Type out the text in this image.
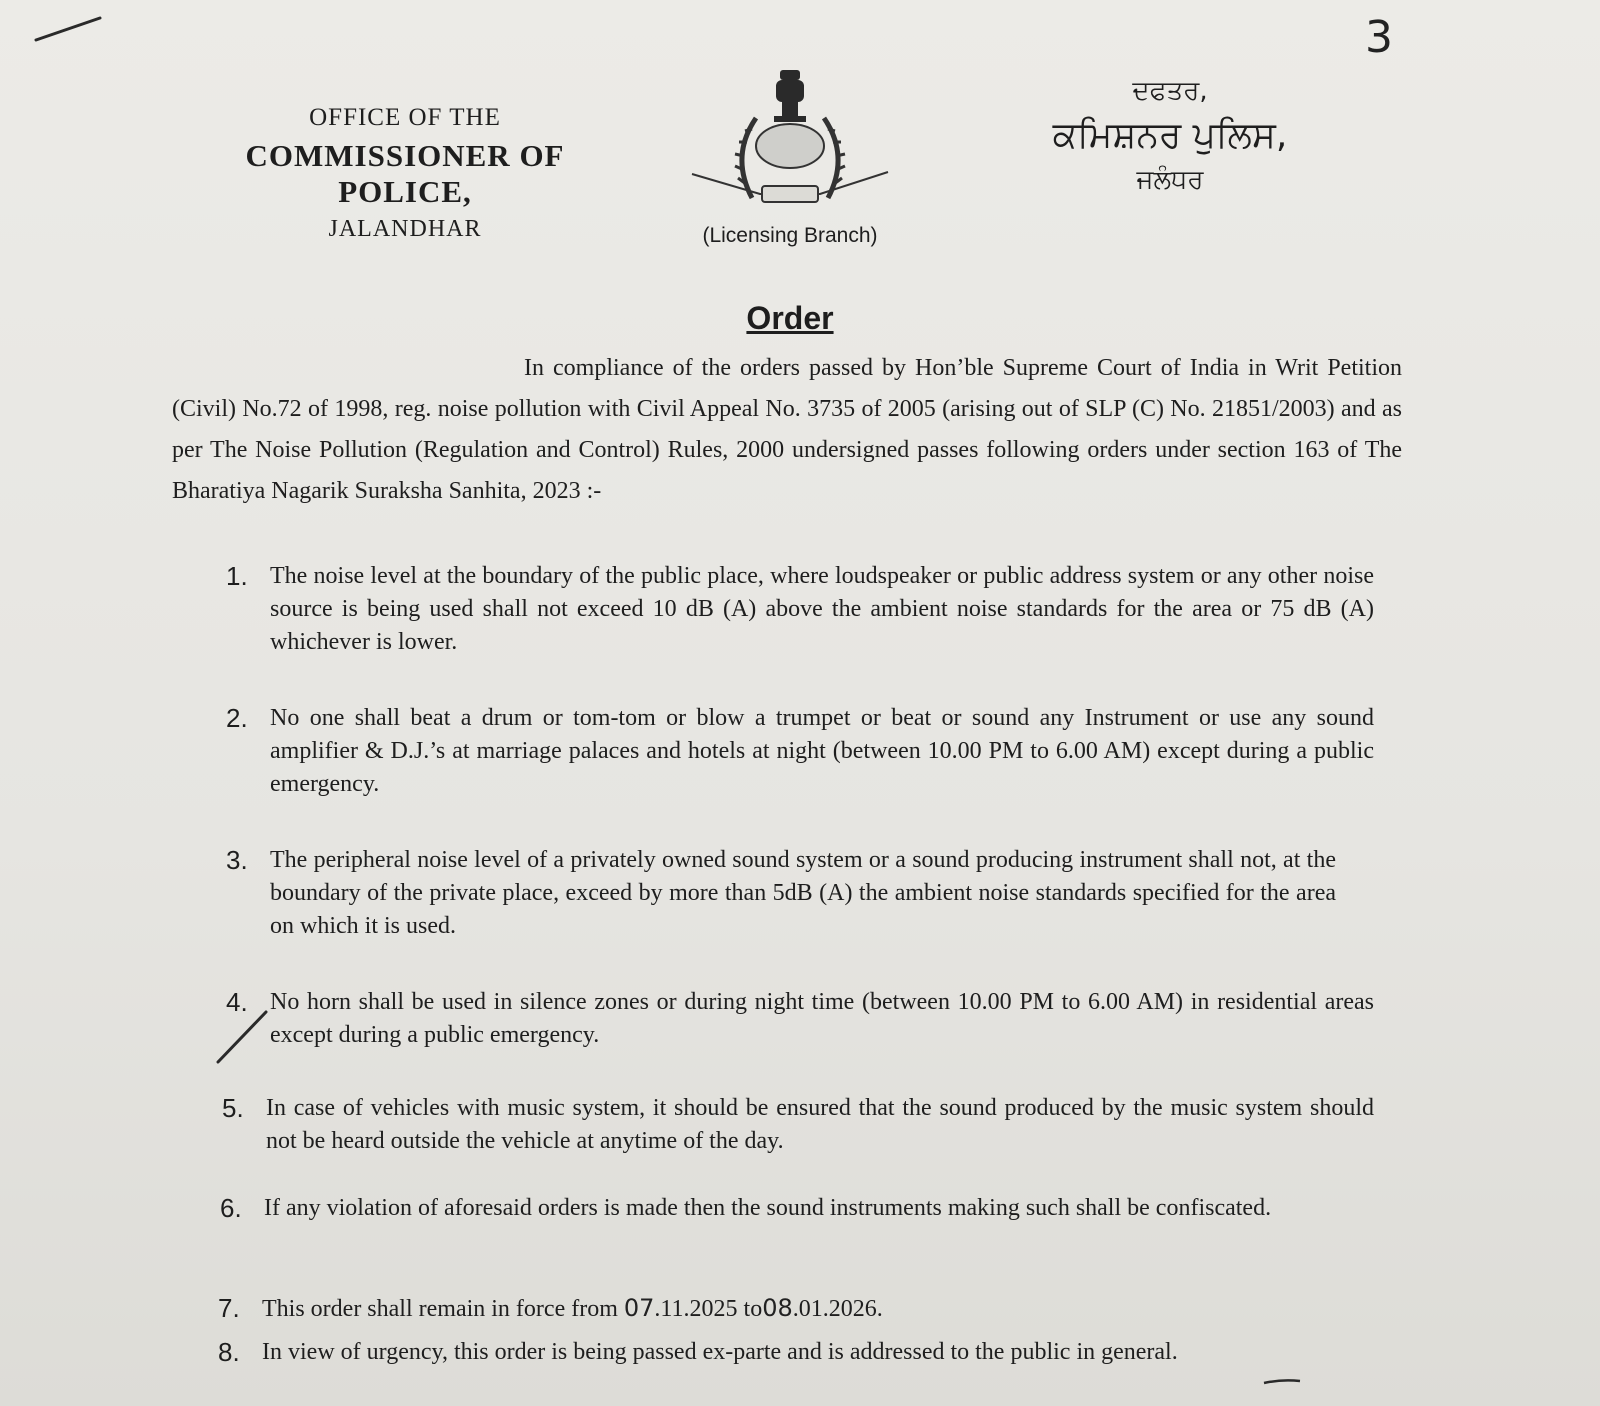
3
OFFICE OF THE
COMMISSIONER OF POLICE,
JALANDHAR
ਦਫਤਰ,
ਕਮਿਸ਼ਨਰ ਪੁਲਿਸ,
ਜਲੰਧਰ
(Licensing Branch)
Order
In compliance of the orders passed by Hon’ble Supreme Court of India in Writ Petition (Civil) No.72 of 1998, reg. noise pollution with Civil Appeal No. 3735 of 2005 (arising out of SLP (C) No. 21851/2003) and as per The Noise Pollution (Regulation and Control) Rules, 2000 undersigned passes following orders under section 163 of The Bharatiya Nagarik Suraksha Sanhita, 2023 :-
1. The noise level at the boundary of the public place, where loudspeaker or public address system or any other noise source is being used shall not exceed 10 dB (A) above the ambient noise standards for the area or 75 dB (A) whichever is lower.
2. No one shall beat a drum or tom-tom or blow a trumpet or beat or sound any Instrument or use any sound amplifier & D.J.’s at marriage palaces and hotels at night (between 10.00 PM to 6.00 AM) except during a public emergency.
3. The peripheral noise level of a privately owned sound system or a sound producing instrument shall not, at the boundary of the private place, exceed by more than 5dB (A) the ambient noise standards specified for the area on which it is used.
4. No horn shall be used in silence zones or during night time (between 10.00 PM to 6.00 AM) in residential areas except during a public emergency.
5. In case of vehicles with music system, it should be ensured that the sound produced by the music system should not be heard outside the vehicle at anytime of the day.
6. If any violation of aforesaid orders is made then the sound instruments making such shall be confiscated.
7. This order shall remain in force from 07.11.2025 to08.01.2026.
8. In view of urgency, this order is being passed ex-parte and is addressed to the public in general.
